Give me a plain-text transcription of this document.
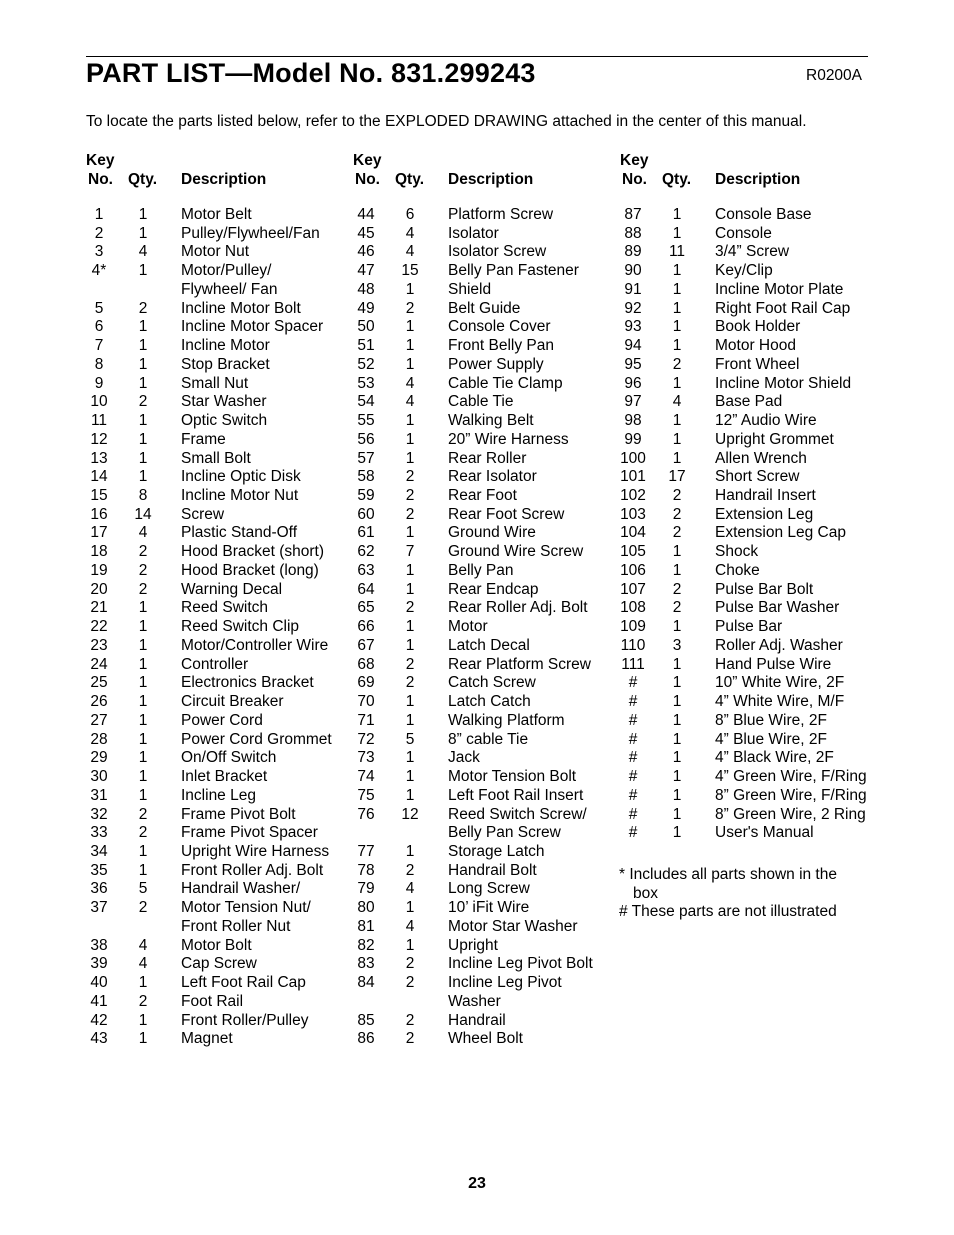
PART LIST—Model No. 831.299243	R0200A
To locate the parts listed below, refer to the EXPLODED DRAWING attached in the center of this manual.
Key
No. Qty. Description
1	1	Motor Belt
2	1	Pulley/Flywheel/Fan
3	4	Motor Nut
4*	1	Motor/Pulley/
Flywheel/ Fan
5	2	Incline Motor Bolt
6	1	Incline Motor Spacer
7	1	Incline Motor
8	1	Stop Bracket
9	1	Small Nut
10	2	Star Washer
11	1	Optic Switch
12	1	Frame
13	1	Small Bolt
14	1	Incline Optic Disk
15	8	Incline Motor Nut
16 14 Screw
17	4	Plastic Stand-Off
18	2	Hood Bracket (short)
19	2	Hood Bracket (long)
20	2	Warning Decal
21	1	Reed Switch
22	1	Reed Switch Clip
23	1	Motor/Controller Wire
24	1	Controller
25	1	Electronics Bracket
26	1	Circuit Breaker
27	1	Power Cord
28	1	Power Cord Grommet
29	1	On/Off Switch
30	1	Inlet Bracket
31	1	Incline Leg
32	2	Frame Pivot Bolt
33	2	Frame Pivot Spacer
34	1	Upright Wire Harness
35	1	Front Roller Adj. Bolt
36	5	Handrail Washer/
37	2	Motor Tension Nut/
Front Roller Nut
38	4	Motor Bolt
39	4	Cap Screw
40	1	Left Foot Rail Cap
41	2	Foot Rail
42	1	Front Roller/Pulley
43	1	Magnet
Key
No. Qty. Description
44	6	Platform Screw
45	4	Isolator
46	4	Isolator Screw
47 15 Belly Pan Fastener
48	1	Shield
49	2	Belt Guide
50	1	Console Cover
51	1	Front Belly Pan
52	1	Power Supply
53	4	Cable Tie Clamp
54	4	Cable Tie
55	1	Walking Belt
56	1	20” Wire Harness
57	1	Rear Roller
58	2	Rear Isolator
59	2	Rear Foot
60	2	Rear Foot Screw
61	1	Ground Wire
62	7	Ground Wire Screw
63	1	Belly Pan
64	1	Rear Endcap
65	2	Rear Roller Adj. Bolt
66	1	Motor
67	1	Latch Decal
68	2	Rear Platform Screw
69	2	Catch Screw
70	1	Latch Catch
71	1	Walking Platform
72	5	8” cable Tie
73	1	Jack
74	1	Motor Tension Bolt
75	1	Left Foot Rail Insert
76 12 Reed Switch Screw/
Belly Pan Screw
77	1	Storage Latch
78	2	Handrail Bolt
79	4	Long Screw
80	1	10’ iFit Wire
81	4	Motor Star Washer
82	1	Upright
83	2	Incline Leg Pivot Bolt
84	2	Incline Leg Pivot
Washer
85	2	Handrail
86	2	Wheel Bolt
Key
No. Qty. Description
87	1	Console Base
88	1	Console
89	11	3/4” Screw
90	1	Key/Clip
91	1	Incline Motor Plate
92	1	Right Foot Rail Cap
93	1	Book Holder
94	1	Motor Hood
95	2	Front Wheel
96	1	Incline Motor Shield
97	4	Base Pad
98	1	12” Audio Wire
99	1	Upright Grommet
100	1	Allen Wrench
101 17 Short Screw
102	2	Handrail Insert
103	2	Extension Leg
104	2	Extension Leg Cap
105	1	Shock
106	1	Choke
107	2	Pulse Bar Bolt
108	2	Pulse Bar Washer
109	1	Pulse Bar
110	3	Roller Adj. Washer
111	1	Hand Pulse Wire
#	1	10” White Wire, 2F
#	1	4” White Wire, M/F
#	1	8” Blue Wire, 2F
#	1	4” Blue Wire, 2F
#	1	4” Black Wire, 2F
#	1	4” Green Wire, F/Ring
#	1	8” Green Wire, F/Ring
#	1	8” Green Wire, 2 Ring
#	1	User's Manual
* Includes all parts shown in the box
# These parts are not illustrated
23
